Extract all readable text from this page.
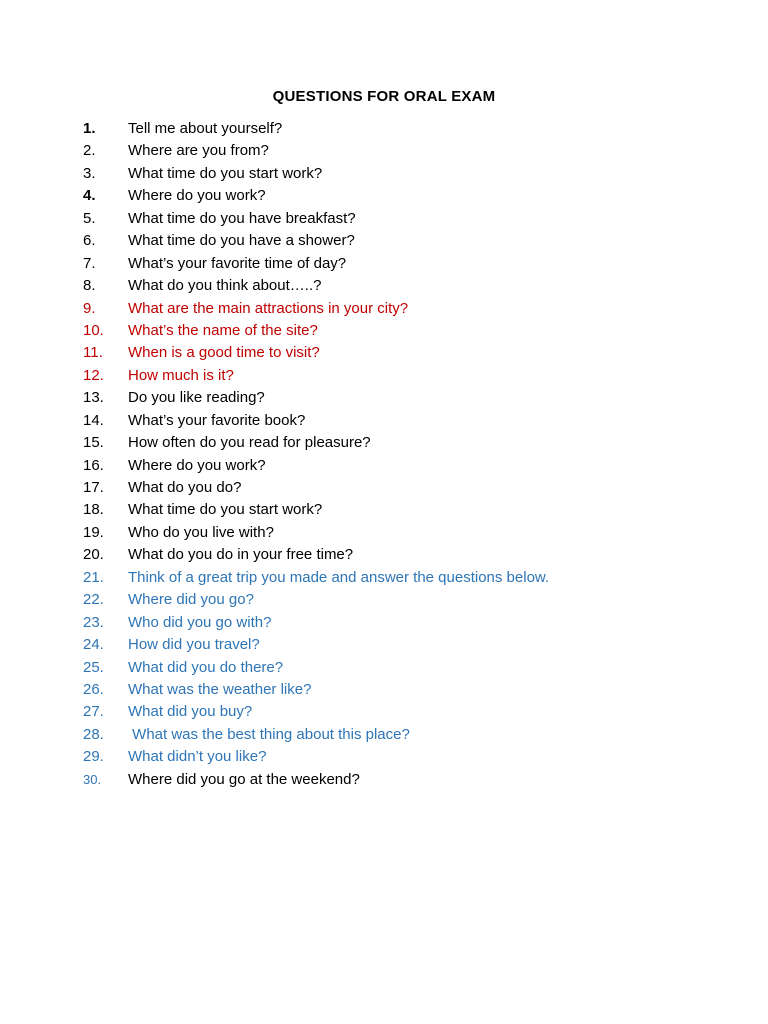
QUESTIONS FOR ORAL EXAM
1.	Tell me about yourself?
2.	Where are you from?
3.	What time do you start work?
4.	Where do you work?
5.	What time do you have breakfast?
6.	What time do you have a shower?
7.	What’s your favorite time of day?
8.	What do you think about…..?
9.	What are the main attractions in your city?
10.	What’s the name of the site?
11.	When is a good time to visit?
12.	How much is it?
13.	Do you like reading?
14.	What’s your favorite book?
15.	How often do you read for pleasure?
16.	Where do you work?
17.	What do you do?
18.	What time do you start work?
19.	Who do you live with?
20.	What do you do in your free time?
21.	Think of a great trip you made and answer the questions below.
22.	Where did you go?
23.	Who did you go with?
24.	How did you travel?
25.	What did you do there?
26.	What was the weather like?
27.	What did you buy?
28.	What was the best thing about this place?
29.	What didn’t you like?
30.	Where did you go at the weekend?
